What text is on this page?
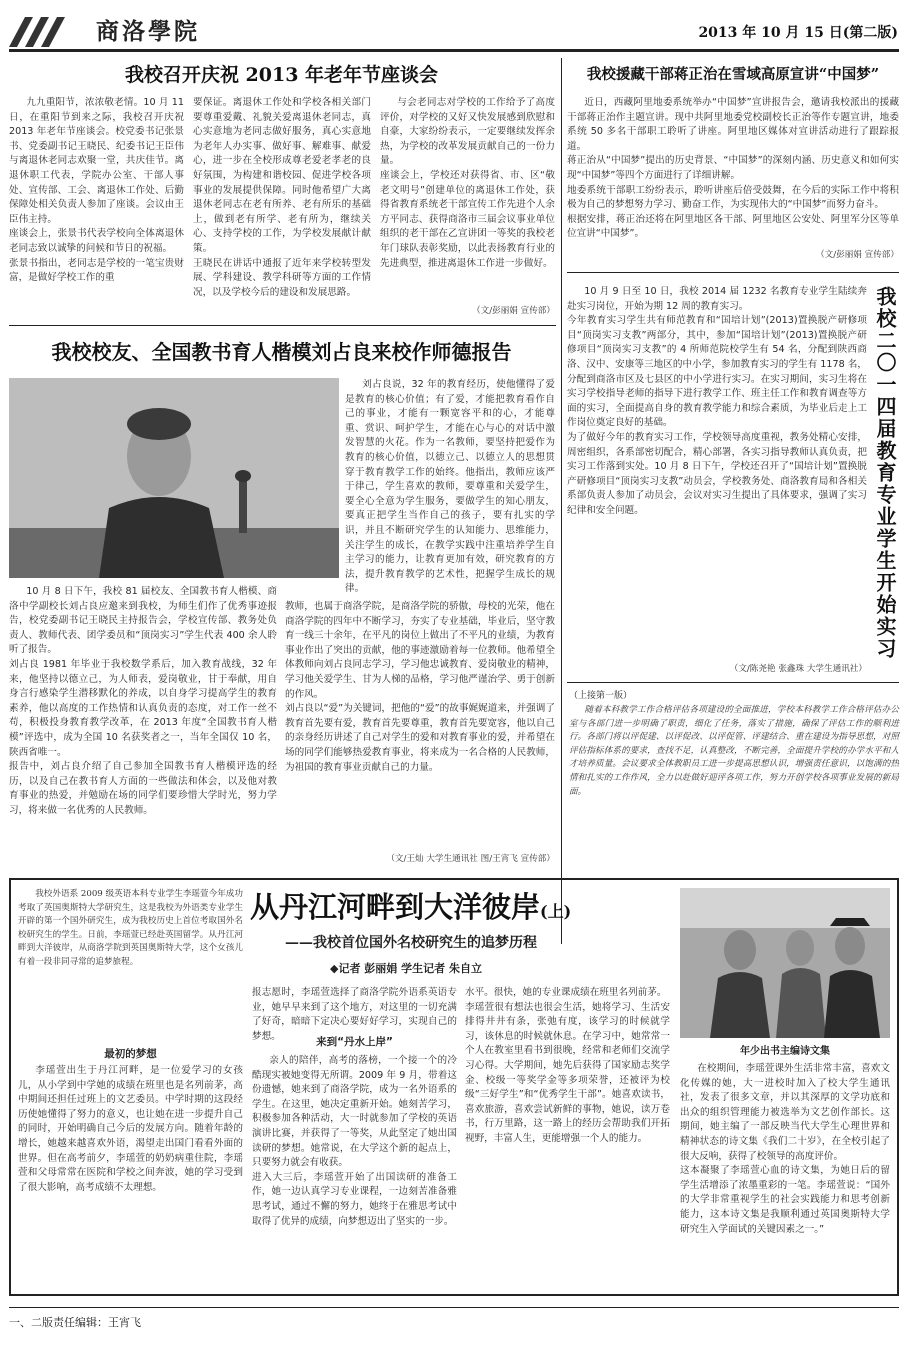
商洛學院	2013 年 10 月 15 日(第二版)
我校召开庆祝 2013 年老年节座谈会

九九重阳节，浓浓敬老情。10 月 11 日，在重阳节到来之际，我校召开庆祝 2013 年老年节座谈会。校党委书记张景书、党委副书记王晓民、纪委书记王臣伟与离退休老同志欢聚一堂，共庆佳节。离退休职工代表，学院办公室、干部人事处、宣传部、工会、离退休工作处、后勤保障处相关负责人参加了座谈。会议由王臣伟主持。
座谈会上，张景书代表学校向全体离退休老同志致以诚挚的问候和节日的祝福。
张景书指出，老同志是学校的一笔宝贵财富，是做好学校工作的重

要保证。离退休工作处和学校各相关部门要尊重爱戴、礼貌关爱离退休老同志，真心实意地为老同志做好服务，真心实意地为老年人办实事、做好事、解难事、献爱心，进一步在全校形成尊老爱老孝老的良好氛围，为构建和谐校园、促进学校各项事业的发展提供保障。同时他希望广大离退休老同志在老有所养、老有所乐的基础上，做到老有所学、老有所为，继续关心、支持学校的工作，为学校发展献计献策。
王晓民在讲话中通报了近年来学校转型发展、学科建设、教学科研等方面的工作情况，以及学校今后的建设和发展思路。

与会老同志对学校的工作给予了高度评价，对学校的又好又快发展感到欣慰和自豪，大家纷纷表示，一定要继续发挥余热，为学校的改革发展贡献自己的一份力量。
座谈会上，学校还对获得省、市、区“敬老文明号”创建单位的离退休工作处，获得省教育系统老干部宣传工作先进个人余方平同志、获得商洛市三届会议事业单位组织的老干部在乙宣讲团一等奖的我校老年门球队表彰奖励，以此表扬教育行业的先进典型，推进离退休工作进一步做好。

（文/彭丽娟 宣传部）
我校援藏干部蒋正治在雪域高原宣讲“中国梦”

近日，西藏阿里地委系统举办“中国梦”宣讲报告会，邀请我校派出的援藏干部蒋正治作主题宣讲。现中共阿里地委党校副校长正治等作专题宣讲，地委系统 50 多名干部职工聆听了讲座。阿里地区媒体对宣讲活动进行了跟踪报道。
蒋正治从“中国梦”提出的历史背景、“中国梦”的深刻内涵、历史意义和如何实现“中国梦”等四个方面进行了详细讲解。
地委系统干部职工纷纷表示，聆听讲座后倍受鼓舞，在今后的实际工作中将积极为自己的梦想努力学习、勤奋工作，为实现伟大的“中国梦”而努力奋斗。
根据安排，蒋正治还将在阿里地区各干部、阿里地区公安处、阿里军分区等单位宣讲“中国梦”。

（文/彭丽娟 宣传部）
我校校友、全国教书育人楷模刘占良来校作师德报告

刘占良说，32 年的教育经历，使他懂得了爱是教育的核心价值；有了爱，才能把教育看作自己的事业，才能有一颗宽容平和的心，才能尊重、赏识、呵护学生，才能在心与心的对话中激发智慧的火花。作为一名教师，要坚持把爱作为教育的核心价值，以德立己、以德立人的思想贯穿于教育教学工作的始终。他指出，教师应该严于律己，学生喜欢的教师，要尊重和关爱学生，要全心全意为学生服务，要做学生的知心朋友，要真正把学生当作自己的孩子，要有扎实的学识，并且不断研究学生的认知能力、思维能力，关注学生的成长，在教学实践中注重培养学生自主学习的能力，让教育更加有效，研究教育的方法，提升教育教学的艺术性，把握学生成长的规律。

10 月 8 日下午，我校 81 届校友、全国教书育人楷模、商洛中学副校长刘占良应邀来到我校，为师生们作了优秀事迹报告，校党委副书记王晓民主持报告会，学校宣传部、教务处负责人、教师代表、团学委员和“顶岗实习”学生代表 400 余人聆听了报告。
刘占良 1981 年毕业于我校数学系后，加入教育战线，32 年来，他坚持以德立己，为人师表，爱岗敬业，甘于奉献，用自身言行感染学生潜移默化的养成，以自身学习提高学生的教育素养，他以高度的工作热情和认真负责的态度，对工作一丝不苟，积极投身教育教学改革，在 2013 年度“全国教书育人楷模”评选中，成为全国 10 名获奖者之一，当年全国仅 10 名，陕西省唯一。
报告中，刘占良介绍了自己参加全国教书育人楷模评选的经历，以及自己在教书育人方面的一些做法和体会，以及他对教育事业的热爱，并勉励在场的同学们要珍惜大学时光，努力学习，将来做一名优秀的人民教师。

教师，也属于商洛学院，是商洛学院的骄傲，母校的光荣，他在商洛学院的四年中不断学习，夯实了专业基础，毕业后，坚守教育一线三十余年，在平凡的岗位上做出了不平凡的业绩，为教育事业作出了突出的贡献，他的事迹激励着每一位教师。他希望全体教师向刘占良同志学习，学习他忠诚教育、爱岗敬业的精神，学习他关爱学生、甘为人梯的品格，学习他严谨治学、勇于创新的作风。
刘占良以“爱”为关键词，把他的“爱”的故事娓娓道来，并强调了教育首先要有爱，教育首先要尊重，教育首先要宽容，他以自己的亲身经历讲述了自己对学生的爱和对教育事业的爱，并希望在场的同学们能够热爱教育事业，将来成为一名合格的人民教师，为祖国的教育事业贡献自己的力量。

（文/王灿 大学生通讯社 图/王宵飞 宣传部）

10 月 9 日至 10 日，我校 2014 届 1232 名教育专业学生陆续奔赴实习岗位，开始为期 12 周的教育实习。
今年教育实习学生共有师范教育和“国培计划”(2013)置换脱产研修项目“顶岗实习支教”两部分，其中，参加“国培计划”(2013)置换脱产研修项目“顶岗实习支教”的 4 所师范院校学生有 54 名，分配到陕西商洛、汉中、安康等三地区的中小学，参加教育实习的学生有 1178 名，分配到商洛市区及七县区的中小学进行实习。在实习期间，实习生将在实习学校指导老师的指导下进行教学工作、班主任工作和教育调查等方面的实习，全面提高自身的教育教学能力和综合素质，为毕业后走上工作岗位奠定良好的基础。
为了做好今年的教育实习工作，学校领导高度重视，教务处精心安排，周密组织，各系部密切配合，精心部署，各实习指导教师认真负责，把实习工作落到实处。10 月 8 日下午，学校还召开了“国培计划”置换脱产研修项目“顶岗实习支教”动员会，学校教务处、商洛教育局和各相关系部负责人参加了动员会，会议对实习生提出了具体要求，强调了实习纪律和安全问题。	我校二〇一四届教育专业学生开始实习
（文/陈尧艳 张鑫珠 大学生通讯社）
（上接第一版）

随着本科教学工作合格评估各项建设的全面推进，学校本科教学工作合格评估办公室与各部门进一步明确了职责，细化了任务，落实了措施，确保了评估工作的顺利进行。各部门将以评促建、以评促改、以评促管、评建结合、重在建设为指导思想，对照评估指标体系的要求，查找不足，认真整改，不断完善，全面提升学校的办学水平和人才培养质量。会议要求全体教职员工进一步提高思想认识，增强责任意识，以饱满的热情和扎实的工作作风，全力以赴做好迎评各项工作，努力开创学校各项事业发展的新局面。

我校外语系 2009 级英语本科专业学生李瑶萱今年成功考取了英国奥斯特大学研究生，这是我校为外语类专业学生开辟的第一个国外研究生，成为我校历史上首位考取国外名校研究生的学生。日前，李瑶萱已经赴英国留学。从丹江河畔到大洋彼岸，从商洛学院到英国奥斯特大学，这个女孩儿有着一段非同寻常的追梦旅程。

从丹江河畔到大洋彼岸(上)
——我校首位国外名校研究生的追梦历程
◆记者 彭丽娟 学生记者 朱自立
年少出书主编诗文集
最初的梦想

李瑶萱出生于丹江河畔，是一位爱学习的女孩儿，从小学到中学她的成绩在班里也是名列前茅，高中期间还担任过班上的文艺委员。中学时期的这段经历使她懂得了努力的意义，也让她在进一步提升自己的同时，开始明确自己今后的发展方向。随着年龄的增长，她越来越喜欢外语，渴望走出国门看看外面的世界。但在高考前夕，李瑶萱的奶奶病重住院，李瑶萱和父母常常在医院和学校之间奔波，她的学习受到了很大影响，高考成绩不太理想。

报志愿时，李瑶萱选择了商洛学院外语系英语专业，她早早来到了这个地方，对这里的一切充满了好奇，暗暗下定决心要好好学习，实现自己的梦想。	来到“丹水上岸”

亲人的陪伴，高考的落榜，一个接一个的冷酷现实被她变得无所谓。2009 年 9 月，带着这份遗憾，她来到了商洛学院，成为一名外语系的学生。在这里，她决定重新开始。她刻苦学习，积极参加各种活动，大一时就参加了学校的英语演讲比赛，并获得了一等奖，从此坚定了她出国读研的梦想。她常说，在大学这个新的起点上，只要努力就会有收获。
进入大三后，李瑶萱开始了出国读研的准备工作，她一边认真学习专业课程，一边刻苦准备雅思考试，通过不懈的努力，她终于在雅思考试中取得了优异的成绩，向梦想迈出了坚实的一步。

水平。很快，她的专业课成绩在班里名列前茅。
李瑶萱很有想法也很会生活，她将学习、生活安排得井井有条，张弛有度，该学习的时候就学习，该休息的时候就休息。在学习中，她常常一个人在教室里看书到很晚，经常和老师们交流学习心得。大学期间，她先后获得了国家励志奖学金、校级一等奖学金等多项荣誉，还被评为校级“三好学生”和“优秀学生干部”。她喜欢读书，喜欢旅游，喜欢尝试新鲜的事物，她说，读万卷书，行万里路，这一路上的经历会帮助我们开拓视野，丰富人生，更能增强一个人的能力。

在校期间，李瑶萱课外生活非常丰富，喜欢文化传媒的她，大一进校时加入了校大学生通讯社，发表了很多文章，并以其深厚的文学功底和出众的组织管理能力被选举为文艺创作部长。这期间，她主编了一部反映当代大学生心理世界和精神状态的诗文集《我们二十岁》，在全校引起了很大反响，获得了校领导的高度评价。
这本凝聚了李瑶萱心血的诗文集，为她日后的留学生活增添了浓墨重彩的一笔。李瑶萱说：“国外的大学非常重视学生的社会实践能力和思考创新能力，这本诗文集是我顺利通过英国奥斯特大学研究生入学面试的关键因素之一。”

一、二版责任编辑：王宵飞
